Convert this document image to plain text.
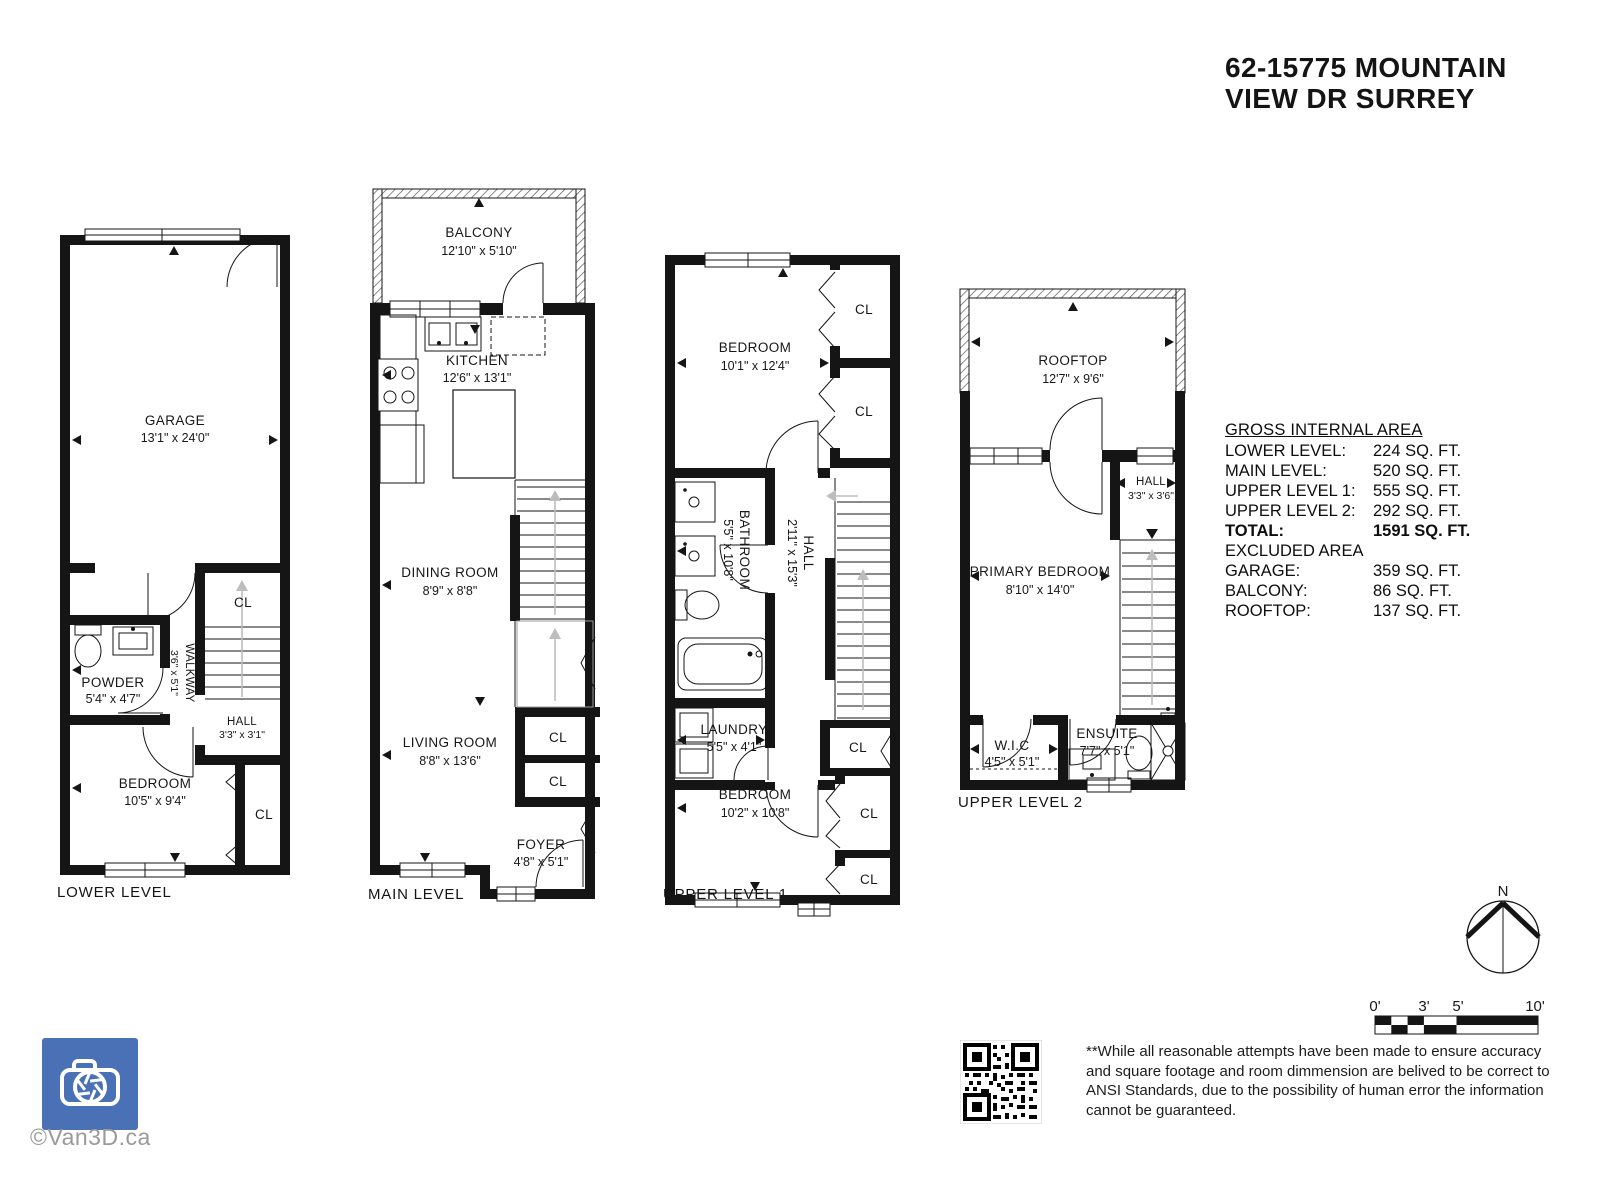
62-15775 MOUNTAIN
VIEW DR SURREY
GARAGE
13'1" x 24'0"
CL
HALL
3'3" x 3'1"
POWDER
5'4" x 4'7"	WALKWAY
3'6" x 5'1"
BEDROOM
10'5" x 9'4"
CL
LOWER LEVEL
BALCONY
12'10" x 5'10"
KITCHEN
12'6" x 13'1"
DINING ROOM
8'9" x 8'8"
LIVING ROOM
8'8" x 13'6"
CL
CL
FOYER
4'8" x 5'1"
MAIN LEVEL
BEDROOM
10'1" x 12'4"
CL
CL
BATHROOM
5'5" x 10'8"	HALL
2'11" x 15'3"
LAUNDRY
5'5" x 4'1"	CL
BEDROOM
10'2" x 10'8"	CL
CL
UPPER LEVEL 1
ROOFTOP
12'7" x 9'6"
HALL
3'3" x 3'6"
PRIMARY BEDROOM
8'10" x 14'0"
W.I.C
4'5" x 5'1"
ENSUITE
7'7" x 5'1"
UPPER LEVEL 2
GROSS INTERNAL AREA
LOWER LEVEL:	224 SQ. FT.
MAIN LEVEL:	520 SQ. FT.
UPPER LEVEL 1:	555 SQ. FT.
UPPER LEVEL 2:	292 SQ. FT.
TOTAL:	1591 SQ. FT.
EXCLUDED AREA
GARAGE:	359 SQ. FT.
BALCONY:	86 SQ. FT.
ROOFTOP:	137 SQ. FT.
N
0'	3' 5'	10'
**While all reasonable attempts have been made to ensure accuracy and square footage and room dimmension are belived to be correct to ANSI Standards, due to the possibility of human error the information cannot be guaranteed.
©Van3D.ca
